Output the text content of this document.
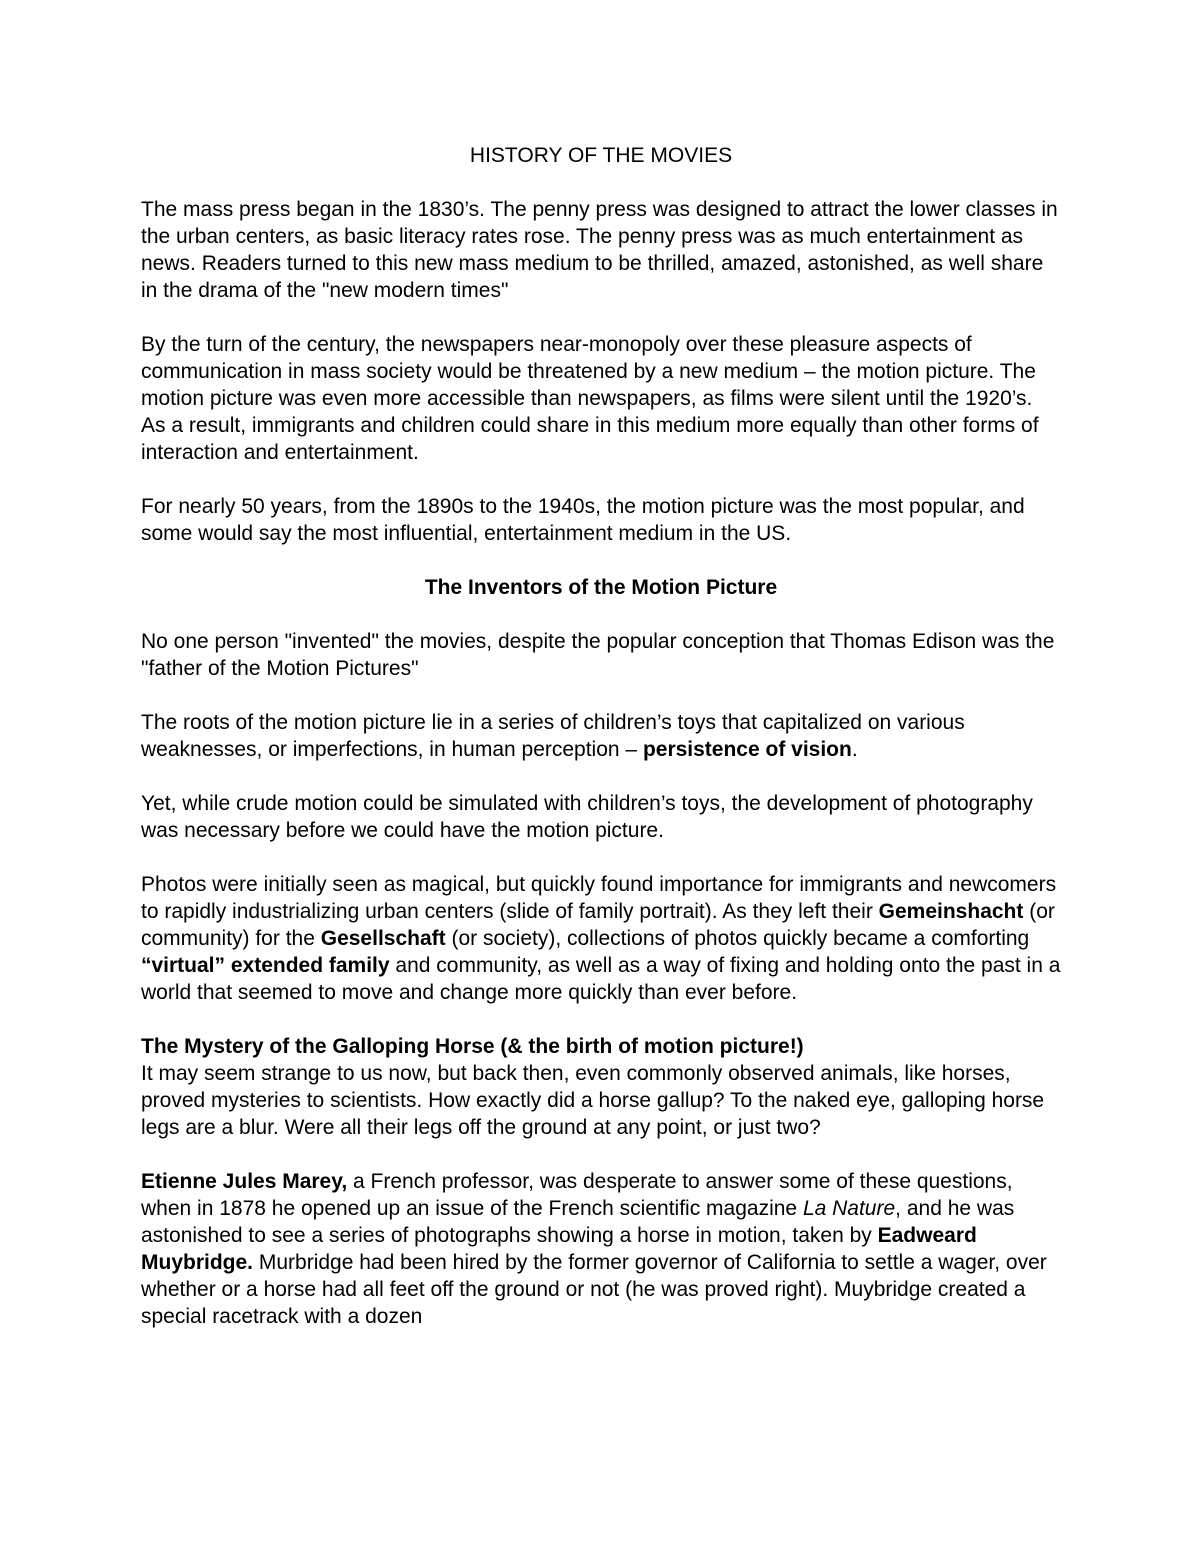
HISTORY OF THE MOVIES

The mass press began in the 1830’s. The penny press was designed to attract the lower classes in the urban centers, as basic literacy rates rose. The penny press was as much entertainment as news. Readers turned to this new mass medium to be thrilled, amazed, astonished, as well share in the drama of the "new modern times"

By the turn of the century, the newspapers near-monopoly over these pleasure aspects of communication in mass society would be threatened by a new medium – the motion picture. The motion picture was even more accessible than newspapers, as films were silent until the 1920’s. As a result, immigrants and children could share in this medium more equally than other forms of interaction and entertainment.

For nearly 50 years, from the 1890s to the 1940s, the motion picture was the most popular, and some would say the most influential, entertainment medium in the US.

The Inventors of the Motion Picture

No one person "invented" the movies, despite the popular conception that Thomas Edison was the "father of the Motion Pictures"

The roots of the motion picture lie in a series of children’s toys that capitalized on various weaknesses, or imperfections, in human perception – persistence of vision.

Yet, while crude motion could be simulated with children’s toys, the development of photography was necessary before we could have the motion picture.

Photos were initially seen as magical, but quickly found importance for immigrants and newcomers to rapidly industrializing urban centers (slide of family portrait). As they left their Gemeinshacht (or community) for the Gesellschaft (or society), collections of photos quickly became a comforting “virtual” extended family and community, as well as a way of fixing and holding onto the past in a world that seemed to move and change more quickly than ever before.

The Mystery of the Galloping Horse (& the birth of motion picture!)
It may seem strange to us now, but back then, even commonly observed animals, like horses, proved mysteries to scientists. How exactly did a horse gallup? To the naked eye, galloping horse legs are a blur. Were all their legs off the ground at any point, or just two?

Etienne Jules Marey, a French professor, was desperate to answer some of these questions, when in 1878 he opened up an issue of the French scientific magazine La Nature, and he was astonished to see a series of photographs showing a horse in motion, taken by Eadweard Muybridge. Murbridge had been hired by the former governor of California to settle a wager, over whether or a horse had all feet off the ground or not (he was proved right). Muybridge created a special racetrack with a dozen
